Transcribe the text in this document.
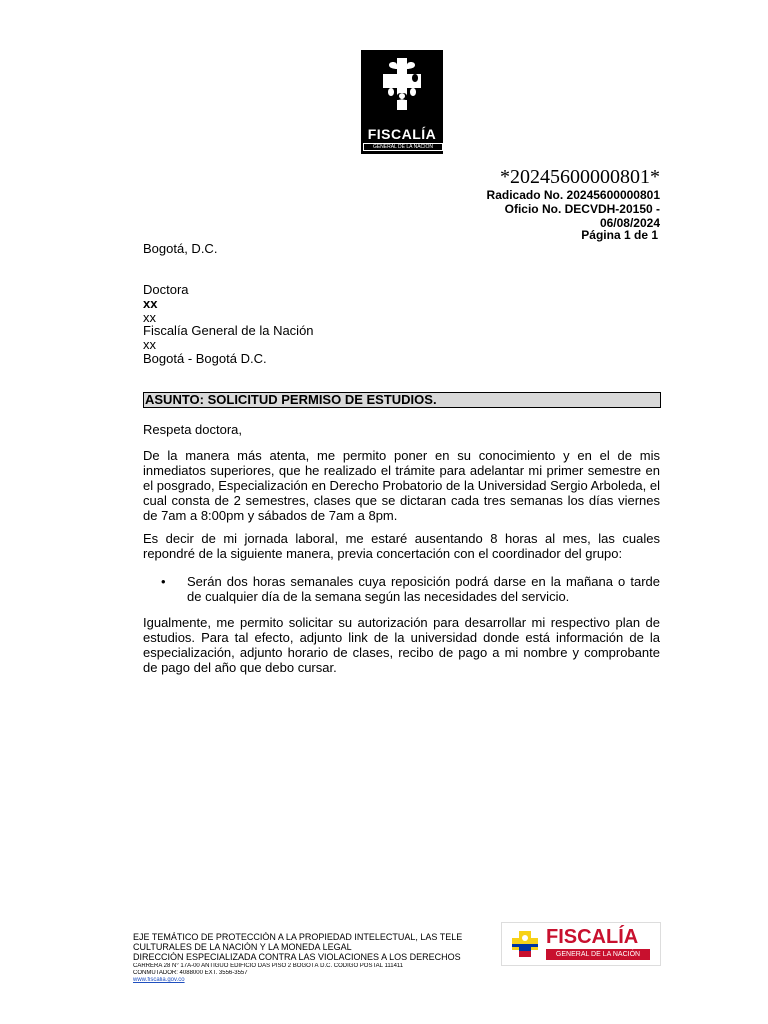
FISCALÍA
GENERAL DE LA NACIÓN
*20245600000801*
Radicado No. 20245600000801
Oficio No. DECVDH-20150 -
06/08/2024
Página 1 de 1
Bogotá, D.C.
Doctora
xx
xx
Fiscalía General de la Nación
xx
Bogotá - Bogotá D.C.
ASUNTO: SOLICITUD PERMISO DE ESTUDIOS.
Respeta doctora,
De la manera más atenta, me permito poner en su conocimiento y en el de mis inmediatos superiores, que he realizado el trámite para adelantar mi primer semestre en el posgrado, Especialización en Derecho Probatorio de la Universidad Sergio Arboleda, el cual consta de 2 semestres, clases que se dictaran cada tres semanas los días viernes de 7am a 8:00pm y sábados de 7am a 8pm.
Es decir de mi jornada laboral, me estaré ausentando 8 horas al mes, las cuales repondré de la siguiente manera, previa concertación con el coordinador del grupo:
• Serán dos horas semanales cuya reposición podrá darse en la mañana o tarde de cualquier día de la semana según las necesidades del servicio.
Igualmente, me permito solicitar su autorización para desarrollar mi respectivo plan de estudios. Para tal efecto, adjunto link de la universidad donde está información de la especialización, adjunto horario de clases, recibo de pago a mi nombre y comprobante de pago del año que debo cursar.
EJE TEMÁTICO DE PROTECCIÓN A LA PROPIEDAD INTELECTUAL, LAS TELE
CULTURALES DE LA NACIÓN Y LA MONEDA LEGAL
DIRECCIÓN ESPECIALIZADA CONTRA LAS VIOLACIONES A LOS DERECHOS
CARRERA 28 N° 17A-00 ANTIGUO EDIFICIO DAS PISO 2 BOGOTÁ D.C. CÓDIGO POSTAL 111411
CONMUTADOR: 4088000 EXT. 3556-3557
www.fiscalia.gov.co
FISCALÍA
GENERAL DE LA NACIÓN
